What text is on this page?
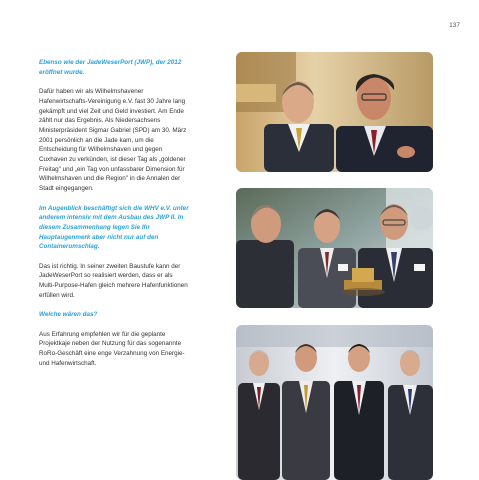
137

Ebenso wie der JadeWeserPort (JWP), der 2012 eröffnet wurde.

Dafür haben wir als Wilhelmshavener Hafenwirtschafts-Vereinigung e.V. fast 30 Jahre lang gekämpft und viel Zeit und Geld investiert. Am Ende zählt nur das Ergebnis. Als Niedersachsens Ministerpräsident Sigmar Gabriel (SPD) am 30. März 2001 persönlich an die Jade kam, um die Entscheidung für Wilhelmshaven und gegen Cuxhaven zu verkünden, ist dieser Tag als „goldener Freitag" und „ein Tag von unfassbarer Dimension für Wilhelmshaven und die Region" in die Annalen der Stadt eingegangen.

Im Augenblick beschäftigt sich die WHV e.V. unter anderem intensiv mit dem Ausbau des JWP II. In diesem Zusammenhang legen Sie Ihr Hauptaugenmerk aber nicht nur auf den Containerumschlag.

Das ist richtig. In seiner zweiten Baustufe kann der JadeWeserPort so realisiert werden, dass er als Multi-Purpose-Hafen gleich mehrere Hafenfunktionen erfüllen wird.

Welche wären das?

Aus Erfahrung empfehlen wir für die geplante Projektkaje neben der Nutzung für das sogenannte RoRo-Geschäft eine enge Verzahnung von Energie- und Hafenwirtschaft.
